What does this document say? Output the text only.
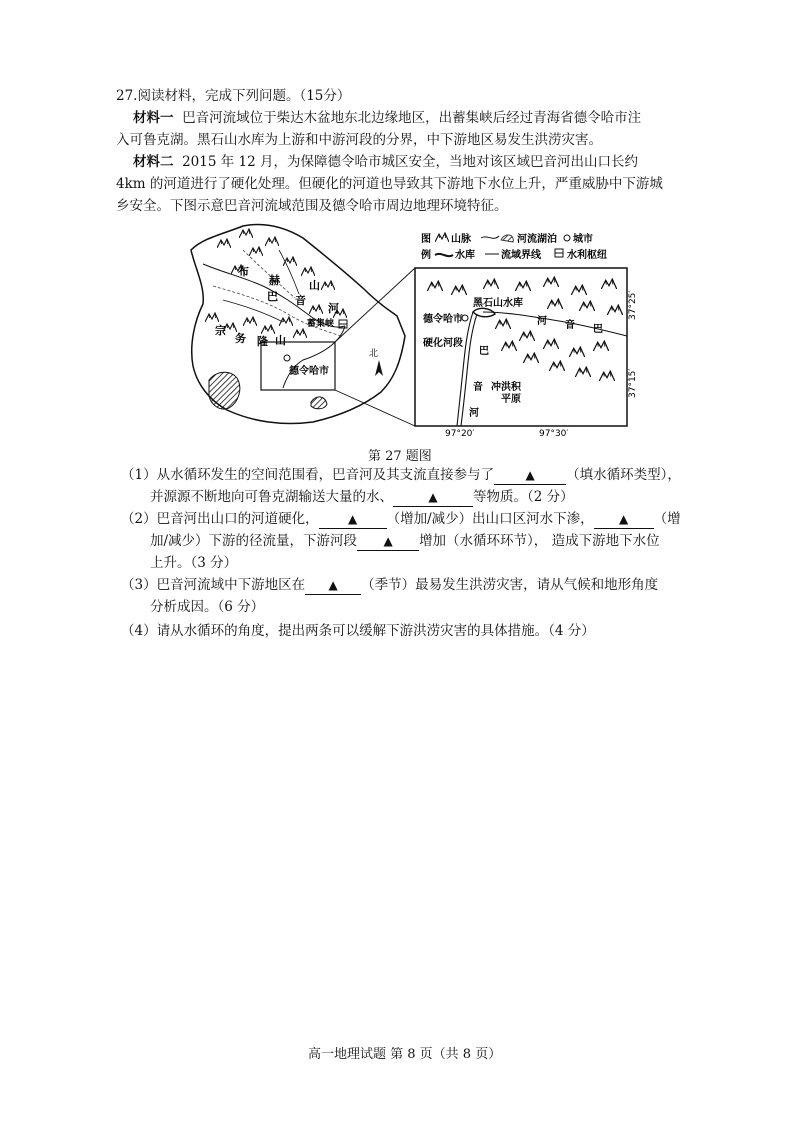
27.阅读材料，完成下列问题。（15分）
材料一 巴音河流域位于柴达木盆地东北边缘地区，出蓄集峡后经过青海省德令哈市注
入可鲁克湖。黑石山水库为上游和中游河段的分界，中下游地区易发生洪涝灾害。
材料二 2015 年 12 月，为保障德令哈市城区安全，当地对该区域巴音河出山口长约
4km 的河道进行了硬化处理。但硬化的河道也导致其下游地下水位上升，严重威胁中下游城
乡安全。下图示意巴音河流域范围及德令哈市周边地理环境特征。
布
赫	山
巴 音
河
蓄集峡
宗
务 隆 山
德令哈市
北
图
例
山脉	河流湖泊 城市
水库	流域界线	水利枢纽
黑石山水库
德令哈市
硬化河段
河 音 巴
巴
音
河
冲洪积
平原
37°25′
37°15′
97°20′	97°30′
第 27 题图
（1）从水循环发生的空间范围看，巴音河及其支流直接参与了	▲ （填水循环类型），
并源源不断地向可鲁克湖输送大量的水、	▲	等物质。（2 分）
（2）巴音河出山口的河道硬化， ▲ （增加/减少）出山口区河水下渗， ▲ （增
加/减少）下游的径流量，下游河段 ▲ 增加（水循环环节）， 造成下游地下水位
上升。（3 分）
（3）巴音河流域中下游地区在 ▲ （季节）最易发生洪涝灾害，请从气候和地形角度
分析成因。（6 分）
（4）请从水循环的角度，提出两条可以缓解下游洪涝灾害的具体措施。（4 分）
高一地理试题 第 8 页（共 8 页）
